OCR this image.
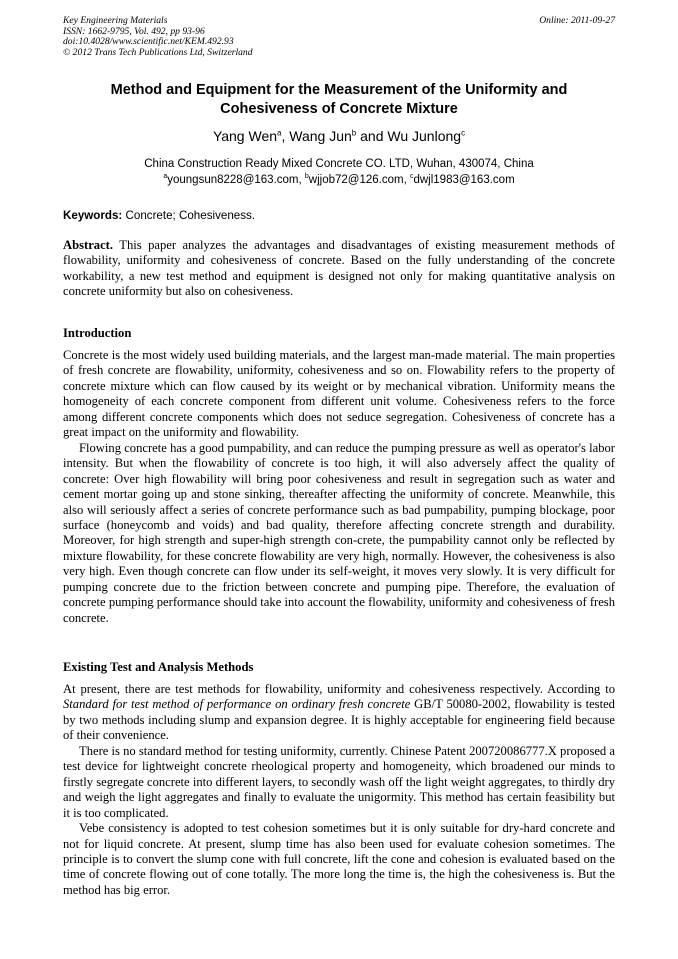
Key Engineering Materials
ISSN: 1662-9795, Vol. 492, pp 93-96
doi:10.4028/www.scientific.net/KEM.492.93
© 2012 Trans Tech Publications Ltd, Switzerland
Online: 2011-09-27
Method and Equipment for the Measurement of the Uniformity and
Cohesiveness of Concrete Mixture
Yang Wen$^a$, Wang Jun$^b$ and Wu Junlong$^c$
China Construction Ready Mixed Concrete CO. LTD, Wuhan, 430074, China
$^a$youngsun8228@163.com, $^b$wjjob72@126.com, $^c$dwjl1983@163.com
Keywords: Concrete; Cohesiveness.

Abstract. This paper analyzes the advantages and disadvantages of existing measurement methods of flowability, uniformity and cohesiveness of concrete. Based on the fully understanding of the concrete workability, a new test method and equipment is designed not only for making quantitative analysis on concrete uniformity but also on cohesiveness.

Introduction

Concrete is the most widely used building materials, and the largest man-made material. The main properties of fresh concrete are flowability, uniformity, cohesiveness and so on. Flowability refers to the property of concrete mixture which can flow caused by its weight or by mechanical vibration. Uniformity means the homogeneity of each concrete component from different unit volume. Cohesiveness refers to the force among different concrete components which does not seduce segregation. Cohesiveness of concrete has a great impact on the uniformity and flowability.

Flowing concrete has a good pumpability, and can reduce the pumping pressure as well as operator's labor intensity. But when the flowability of concrete is too high, it will also adversely affect the quality of concrete: Over high flowability will bring poor cohesiveness and result in segregation such as water and cement mortar going up and stone sinking, thereafter affecting the uniformity of concrete. Meanwhile, this also will seriously affect a series of concrete performance such as bad pumpability, pumping blockage, poor surface (honeycomb and voids) and bad quality, therefore affecting concrete strength and durability. Moreover, for high strength and super-high strength con-crete, the pumpability cannot only be reflected by mixture flowability, for these concrete flowability are very high, normally. However, the cohesiveness is also very high. Even though concrete can flow under its self-weight, it moves very slowly. It is very difficult for pumping concrete due to the friction between concrete and pumping pipe. Therefore, the evaluation of concrete pumping performance should take into account the flowability, uniformity and cohesiveness of fresh concrete.

Existing Test and Analysis Methods

At present, there are test methods for flowability, uniformity and cohesiveness respectively. According to Standard for test method of performance on ordinary fresh concrete GB/T 50080-2002, flowability is tested by two methods including slump and expansion degree. It is highly acceptable for engineering field because of their convenience.

There is no standard method for testing uniformity, currently. Chinese Patent 200720086777.X proposed a test device for lightweight concrete rheological property and homogeneity, which broadened our minds to firstly segregate concrete into different layers, to secondly wash off the light weight aggregates, to thirdly dry and weigh the light aggregates and finally to evaluate the unigormity. This method has certain feasibility but it is too complicated.

Vebe consistency is adopted to test cohesion sometimes but it is only suitable for dry-hard concrete and not for liquid concrete. At present, slump time has also been used for evaluate cohesion sometimes. The principle is to convert the slump cone with full concrete, lift the cone and cohesion is evaluated based on the time of concrete flowing out of cone totally. The more long the time is, the high the cohesiveness is. But the method has big error.
